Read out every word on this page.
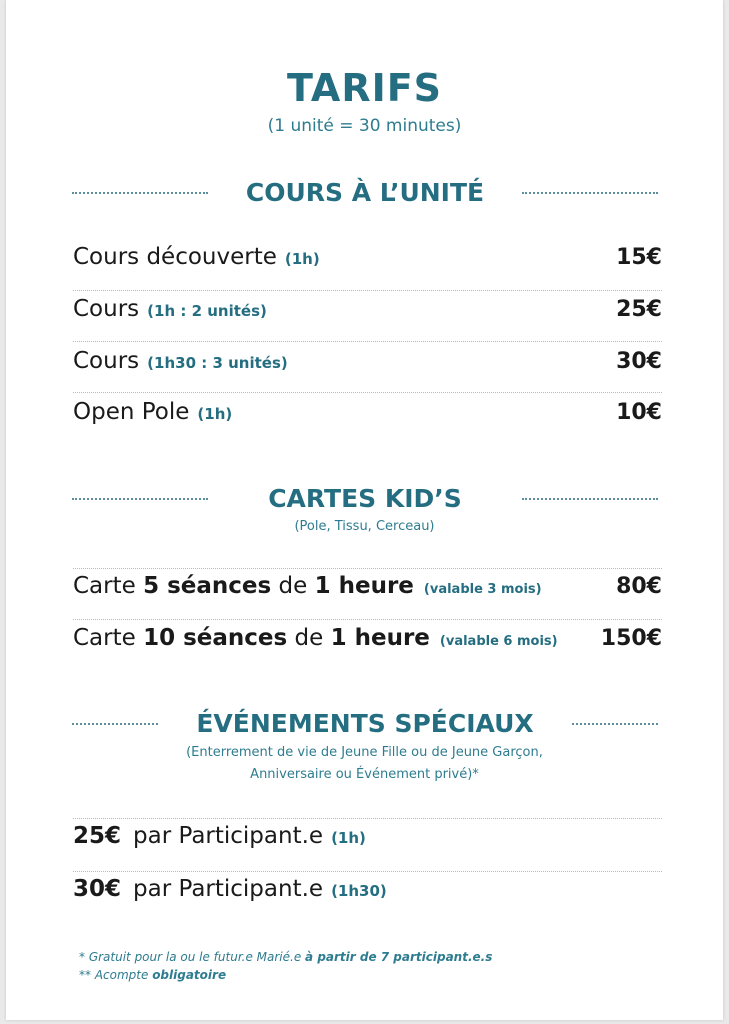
TARIFS
(1 unité = 30 minutes)
COURS À L’UNITÉ
Cours découverte (1h)	15€
Cours (1h : 2 unités)	25€
Cours (1h30 : 3 unités)	30€
Open Pole (1h)	10€
CARTES KID’S
(Pole, Tissu, Cerceau)
Carte 5 séances de 1 heure (valable 3 mois)	80€
Carte 10 séances de 1 heure (valable 6 mois) 150€
ÉVÉNEMENTS SPÉCIAUX
(Enterrement de vie de Jeune Fille ou de Jeune Garçon,
Anniversaire ou Événement privé)*
25€ par Participant.e (1h)
30€ par Participant.e (1h30)
* Gratuit pour la ou le futur.e Marié.e à partir de 7 participant.e.s
** Acompte obligatoire
